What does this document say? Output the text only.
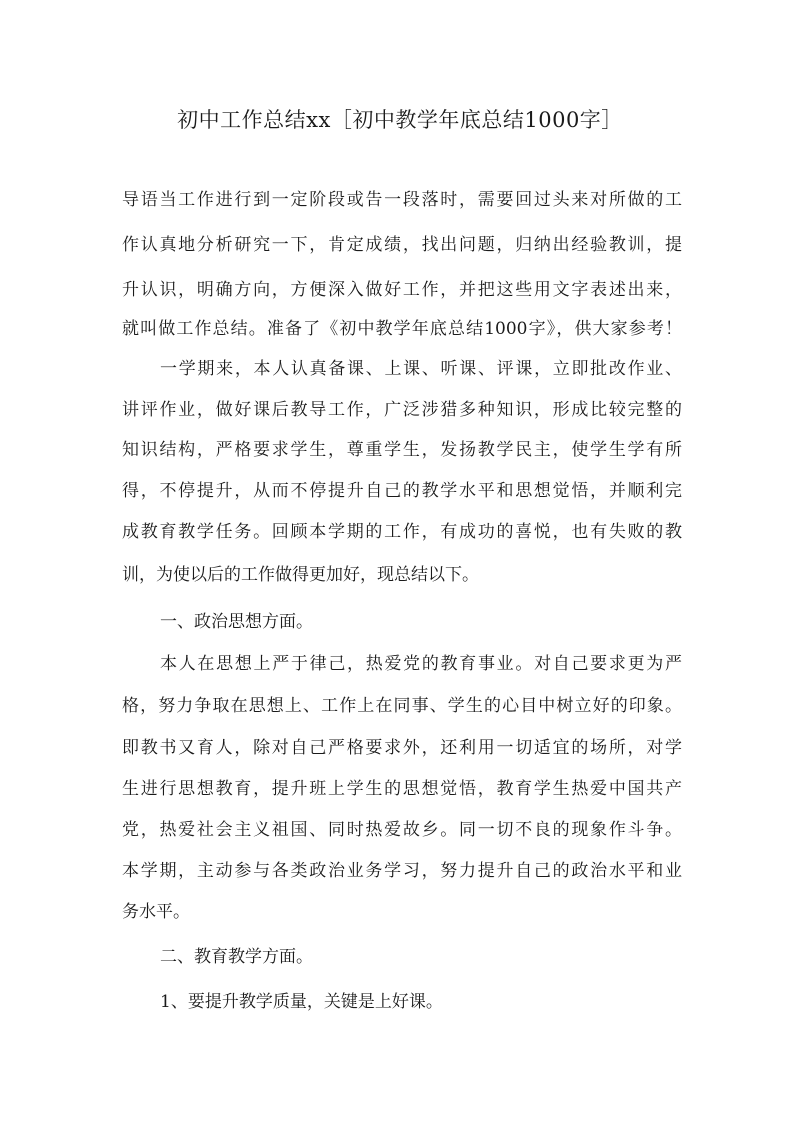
初中工作总结xx［初中教学年底总结1000字］
导语当工作进行到一定阶段或告一段落时，需要回过头来对所做的工
作认真地分析研究一下，肯定成绩，找出问题，归纳出经验教训，提
升认识，明确方向，方便深入做好工作，并把这些用文字表述出来，
就叫做工作总结。准备了《初中教学年底总结1000字》，供大家参考！
一学期来，本人认真备课、上课、听课、评课，立即批改作业、
讲评作业，做好课后教导工作，广泛涉猎多种知识，形成比较完整的
知识结构，严格要求学生，尊重学生，发扬教学民主，使学生学有所
得，不停提升，从而不停提升自己的教学水平和思想觉悟，并顺利完
成教育教学任务。回顾本学期的工作，有成功的喜悦，也有失败的教
训，为使以后的工作做得更加好，现总结以下。
一、政治思想方面。
本人在思想上严于律己，热爱党的教育事业。对自己要求更为严
格，努力争取在思想上、工作上在同事、学生的心目中树立好的印象。
即教书又育人，除对自己严格要求外，还利用一切适宜的场所，对学
生进行思想教育，提升班上学生的思想觉悟，教育学生热爱中国共产
党，热爱社会主义祖国、同时热爱故乡。同一切不良的现象作斗争。
本学期，主动参与各类政治业务学习，努力提升自己的政治水平和业
务水平。
二、教育教学方面。
1、要提升教学质量，关键是上好课。
